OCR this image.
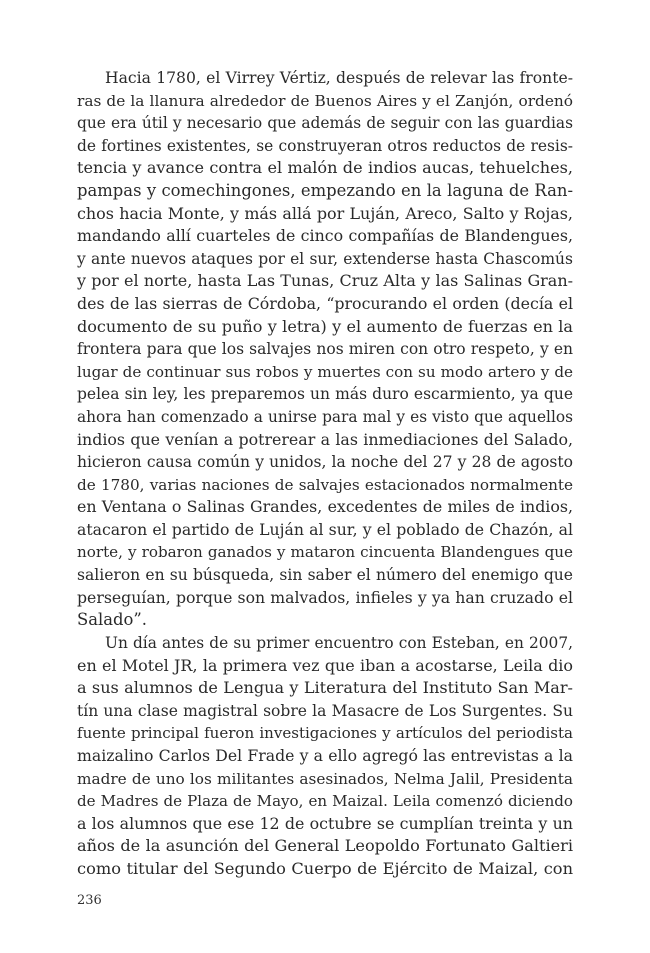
Hacia 1780, el Virrey Vértiz, después de relevar las fronte-
ras de la llanura alrededor de Buenos Aires y el Zanjón, ordenó
que era útil y necesario que además de seguir con las guardias
de fortines existentes, se construyeran otros reductos de resis-
tencia y avance contra el malón de indios aucas, tehuelches,
pampas y comechingones, empezando en la laguna de Ran-
chos hacia Monte, y más allá por Luján, Areco, Salto y Rojas,
mandando allí cuarteles de cinco compañías de Blandengues,
y ante nuevos ataques por el sur, extenderse hasta Chascomús
y por el norte, hasta Las Tunas, Cruz Alta y las Salinas Gran-
des de las sierras de Córdoba, “procurando el orden (decía el
documento de su puño y letra) y el aumento de fuerzas en la
frontera para que los salvajes nos miren con otro respeto, y en
lugar de continuar sus robos y muertes con su modo artero y de
pelea sin ley, les preparemos un más duro escarmiento, ya que
ahora han comenzado a unirse para mal y es visto que aquellos
indios que venían a potrerear a las inmediaciones del Salado,
hicieron causa común y unidos, la noche del 27 y 28 de agosto
de 1780, varias naciones de salvajes estacionados normalmente
en Ventana o Salinas Grandes, excedentes de miles de indios,
atacaron el partido de Luján al sur, y el poblado de Chazón, al
norte, y robaron ganados y mataron cincuenta Blandengues que
salieron en su búsqueda, sin saber el número del enemigo que
perseguían, porque son malvados, infieles y ya han cruzado el
Salado”.
Un día antes de su primer encuentro con Esteban, en 2007,
en el Motel JR, la primera vez que iban a acostarse, Leila dio
a sus alumnos de Lengua y Literatura del Instituto San Mar-
tín una clase magistral sobre la Masacre de Los Surgentes. Su
fuente principal fueron investigaciones y artículos del periodista
maizalino Carlos Del Frade y a ello agregó las entrevistas a la
madre de uno los militantes asesinados, Nelma Jalil, Presidenta
de Madres de Plaza de Mayo, en Maizal. Leila comenzó diciendo
a los alumnos que ese 12 de octubre se cumplían treinta y un
años de la asunción del General Leopoldo Fortunato Galtieri
como titular del Segundo Cuerpo de Ejército de Maizal, con
236
